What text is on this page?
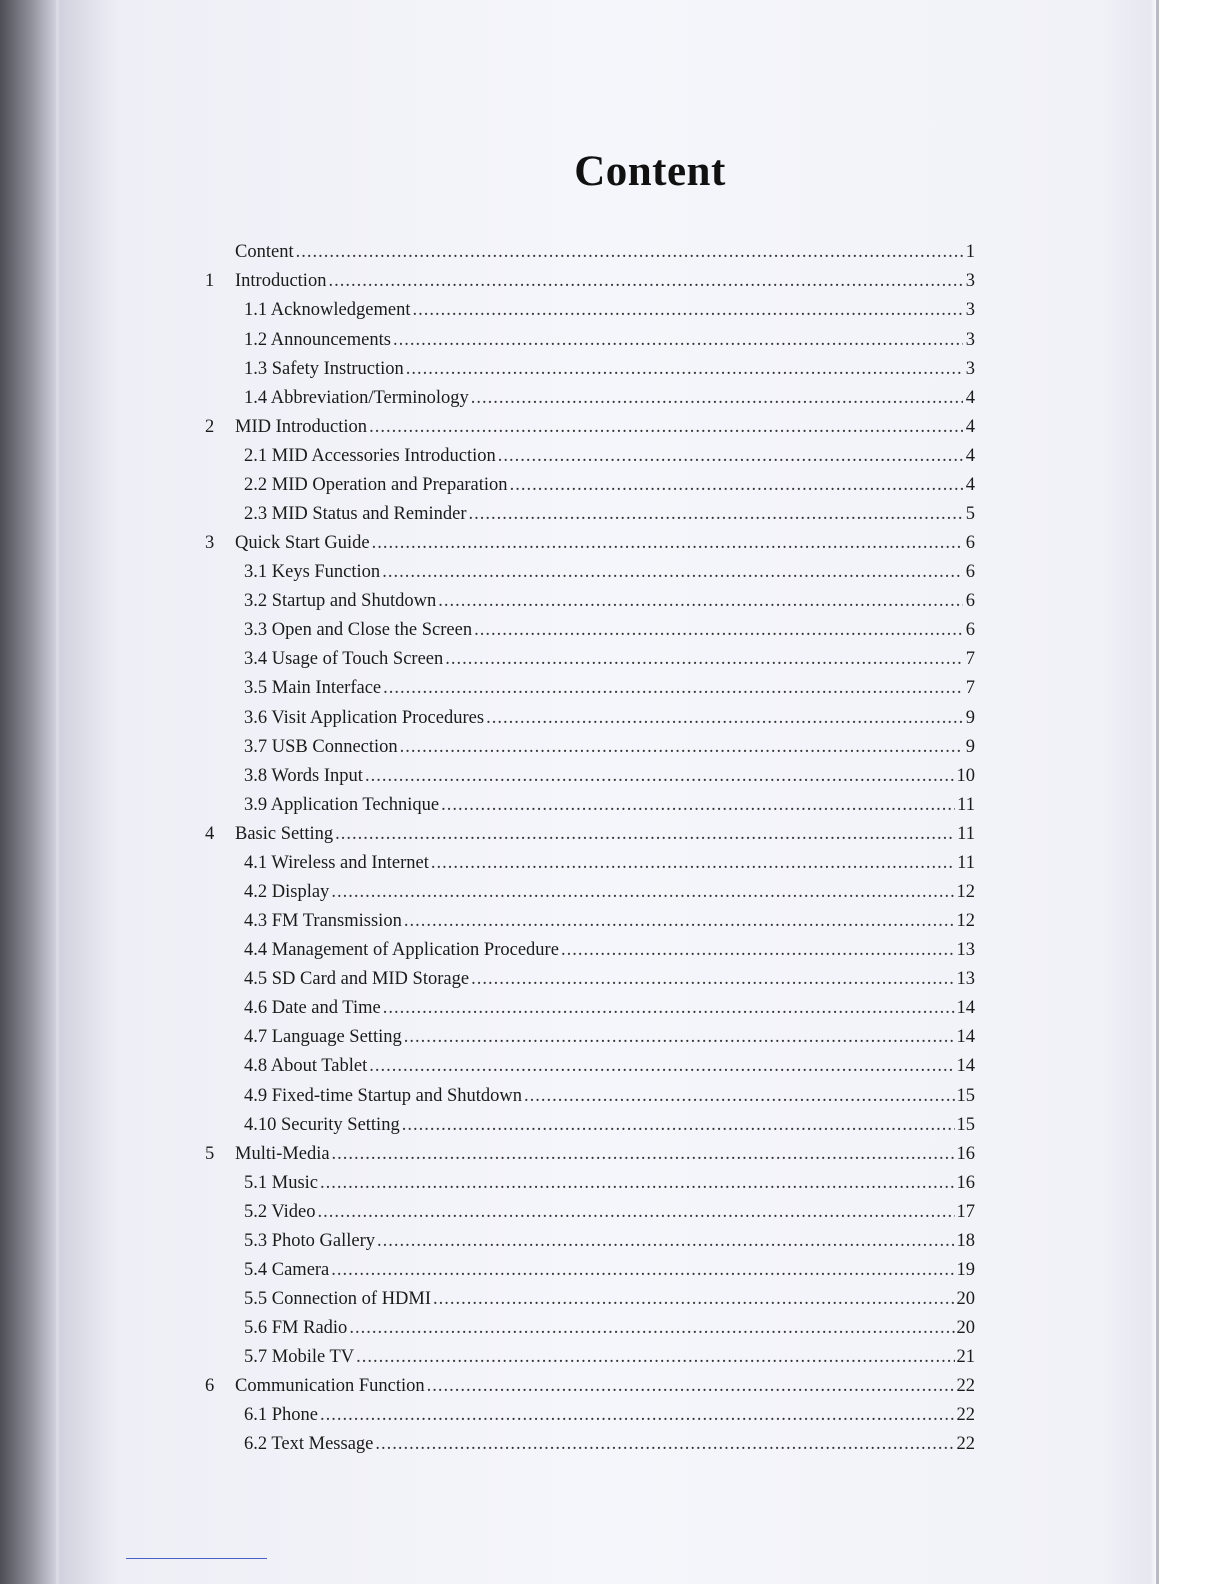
Content
Content .....	1
1	Introduction .....	3
1.1 Acknowledgement .....	3
1.2 Announcements .....	3
1.3 Safety Instruction .....	3
1.4 Abbreviation/Terminology .....	4
2	MID Introduction .....	4
2.1 MID Accessories Introduction .....	4
2.2 MID Operation and Preparation .....	4
2.3 MID Status and Reminder .....	5
3	Quick Start Guide .....	6
3.1 Keys Function .....	6
3.2 Startup and Shutdown .....	6
3.3 Open and Close the Screen .....	6
3.4 Usage of Touch Screen .....	7
3.5 Main Interface .....	7
3.6 Visit Application Procedures .....	9
3.7 USB Connection .....	9
3.8 Words Input .....	10
3.9 Application Technique .....	11
4	Basic Setting .....	11
4.1 Wireless and Internet .....	11
4.2 Display .....	12
4.3 FM Transmission .....	12
4.4 Management of Application Procedure .....	13
4.5 SD Card and MID Storage .....	13
4.6 Date and Time .....	14
4.7 Language Setting .....	14
4.8 About Tablet .....	14
4.9 Fixed-time Startup and Shutdown .....	15
4.10 Security Setting .....	15
5	Multi-Media .....	16
5.1 Music .....	16
5.2 Video .....	17
5.3 Photo Gallery .....	18
5.4 Camera .....	19
5.5 Connection of HDMI .....	20
5.6 FM Radio .....	20
5.7 Mobile TV .....	21
6	Communication Function .....	22
6.1 Phone .....	22
6.2 Text Message .....	22
